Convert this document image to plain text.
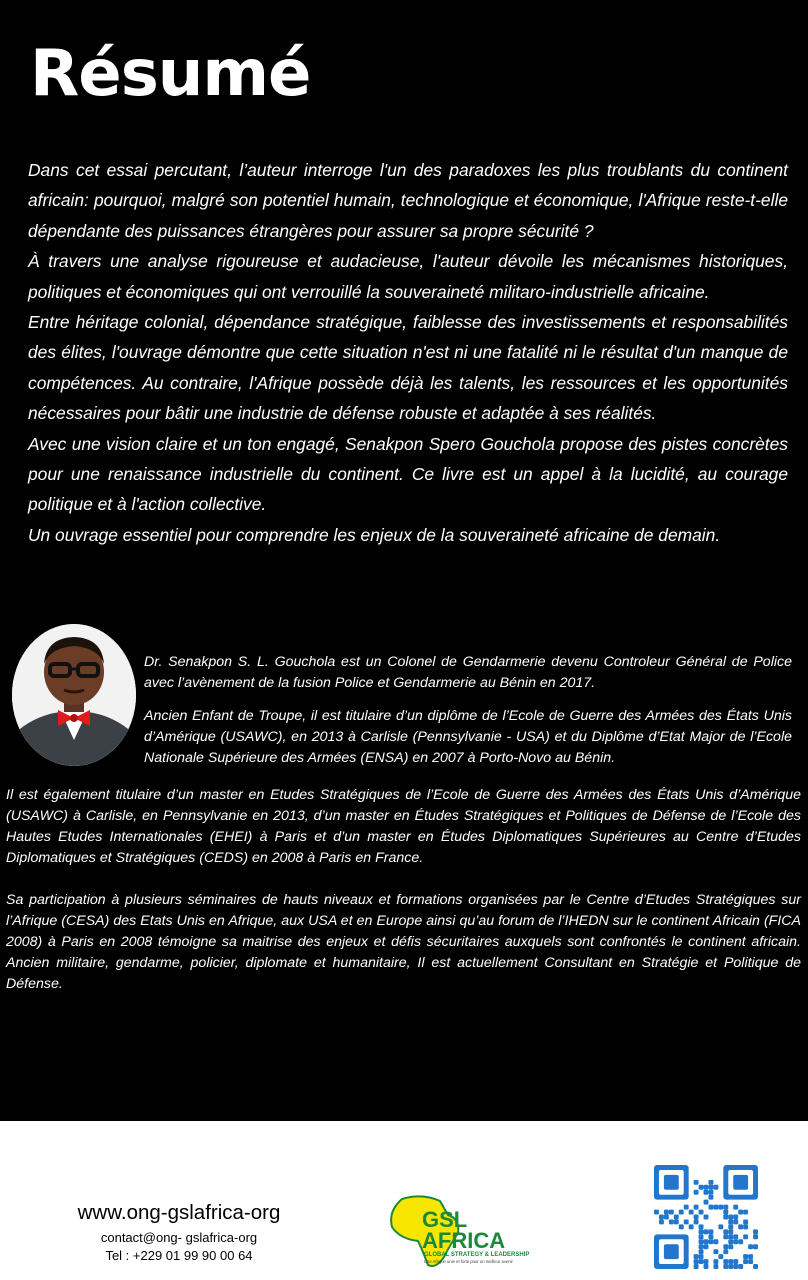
Résumé

Dans cet essai percutant, l’auteur interroge l'un des paradoxes les plus troublants du continent africain: pourquoi, malgré son potentiel humain, technologique et économique, l'Afrique reste-t-elle dépendante des puissances étrangères pour assurer sa propre sécurité ?

À travers une analyse rigoureuse et audacieuse, l'auteur dévoile les mécanismes historiques, politiques et économiques qui ont verrouillé la souveraineté militaro-industrielle africaine.

Entre héritage colonial, dépendance stratégique, faiblesse des investissements et responsabilités des élites, l'ouvrage démontre que cette situation n'est ni une fatalité ni le résultat d'un manque de compétences. Au contraire, l'Afrique possède déjà les talents, les ressources et les opportunités nécessaires pour bâtir une industrie de défense robuste et adaptée à ses réalités.

Avec une vision claire et un ton engagé, Senakpon Spero Gouchola propose des pistes concrètes pour une renaissance industrielle du continent. Ce livre est un appel à la lucidité, au courage politique et à l'action collective.

Un ouvrage essentiel pour comprendre les enjeux de la souveraineté africaine de demain.

Dr. Senakpon S. L. Gouchola est un Colonel de Gendarmerie devenu Controleur Général de Police avec l’avènement de la fusion Police et Gendarmerie au Bénin en 2017.

Ancien Enfant de Troupe, il est titulaire d’un diplôme de l’Ecole de Guerre des Armées des États Unis d’Amérique (USAWC), en 2013 à Carlisle (Pennsylvanie - USA) et du Diplôme d’Etat Major de l’Ecole Nationale Supérieure des Armées (ENSA) en 2007 à Porto-Novo au Bénin.

Il est également titulaire d’un master en Etudes Stratégiques de l’Ecole de Guerre des Armées des États Unis d’Amérique (USAWC) à Carlisle, en Pennsylvanie en 2013, d’un master en Études Stratégiques et Politiques de Défense de l’Ecole des Hautes Etudes Internationales (EHEI) à Paris et d’un master en Études Diplomatiques Supérieures au Centre d’Etudes Diplomatiques et Stratégiques (CEDS) en 2008 à Paris en France.

Sa participation à plusieurs séminaires de hauts niveaux et formations organisées par le Centre d’Etudes Stratégiques sur l’Afrique (CESA) des Etats Unis en Afrique, aux USA et en Europe ainsi qu’au forum de l’IHEDN sur le continent Africain (FICA 2008) à Paris en 2008 témoigne sa maitrise des enjeux et défis sécuritaires auxquels sont confrontés le continent africain. Ancien militaire, gendarme, policier, diplomate et humanitaire, Il est actuellement Consultant en Stratégie et Politique de Défense.

www.ong-gslafrica-org
contact@ong- gslafrica-org
Tel : +229 01 99 90 00 64
GSL
AFRICA
GLOBAL STRATEGY & LEADERSHIP
Une Afrique unie et forte pour un meilleur avenir
